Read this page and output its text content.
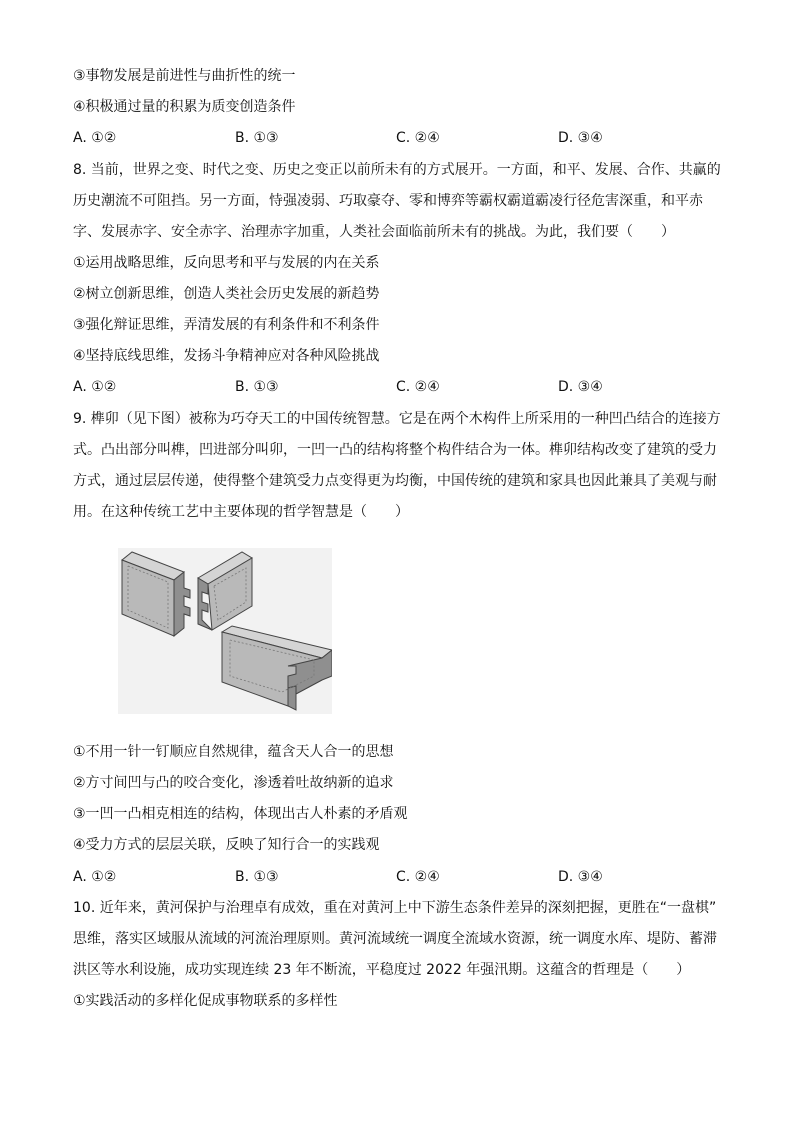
③事物发展是前进性与曲折性的统一
④积极通过量的积累为质变创造条件
A. ①②	B. ①③	C. ②④	D. ③④
8. 当前，世界之变、时代之变、历史之变正以前所未有的方式展开。一方面，和平、发展、合作、共赢的
历史潮流不可阻挡。另一方面，恃强凌弱、巧取豪夺、零和博弈等霸权霸道霸凌行径危害深重，和平赤
字、发展赤字、安全赤字、治理赤字加重，人类社会面临前所未有的挑战。为此，我们要（　　）
①运用战略思维，反向思考和平与发展的内在关系
②树立创新思维，创造人类社会历史发展的新趋势
③强化辩证思维，弄清发展的有利条件和不利条件
④坚持底线思维，发扬斗争精神应对各种风险挑战
A. ①②	B. ①③	C. ②④	D. ③④
9. 榫卯（见下图）被称为巧夺天工的中国传统智慧。它是在两个木构件上所采用的一种凹凸结合的连接方
式。凸出部分叫榫，凹进部分叫卯，一凹一凸的结构将整个构件结合为一体。榫卯结构改变了建筑的受力
方式，通过层层传递，使得整个建筑受力点变得更为均衡，中国传统的建筑和家具也因此兼具了美观与耐
用。在这种传统工艺中主要体现的哲学智慧是（　　）
①不用一针一钉顺应自然规律，蕴含天人合一的思想
②方寸间凹与凸的咬合变化，渗透着吐故纳新的追求
③一凹一凸相克相连的结构，体现出古人朴素的矛盾观
④受力方式的层层关联，反映了知行合一的实践观
A. ①②	B. ①③	C. ②④	D. ③④
10. 近年来，黄河保护与治理卓有成效，重在对黄河上中下游生态条件差异的深刻把握，更胜在“一盘棋”
思维，落实区域服从流域的河流治理原则。黄河流域统一调度全流域水资源，统一调度水库、堤防、蓄滞
洪区等水利设施，成功实现连续 23 年不断流，平稳度过 2022 年强汛期。这蕴含的哲理是（　　）
①实践活动的多样化促成事物联系的多样性
